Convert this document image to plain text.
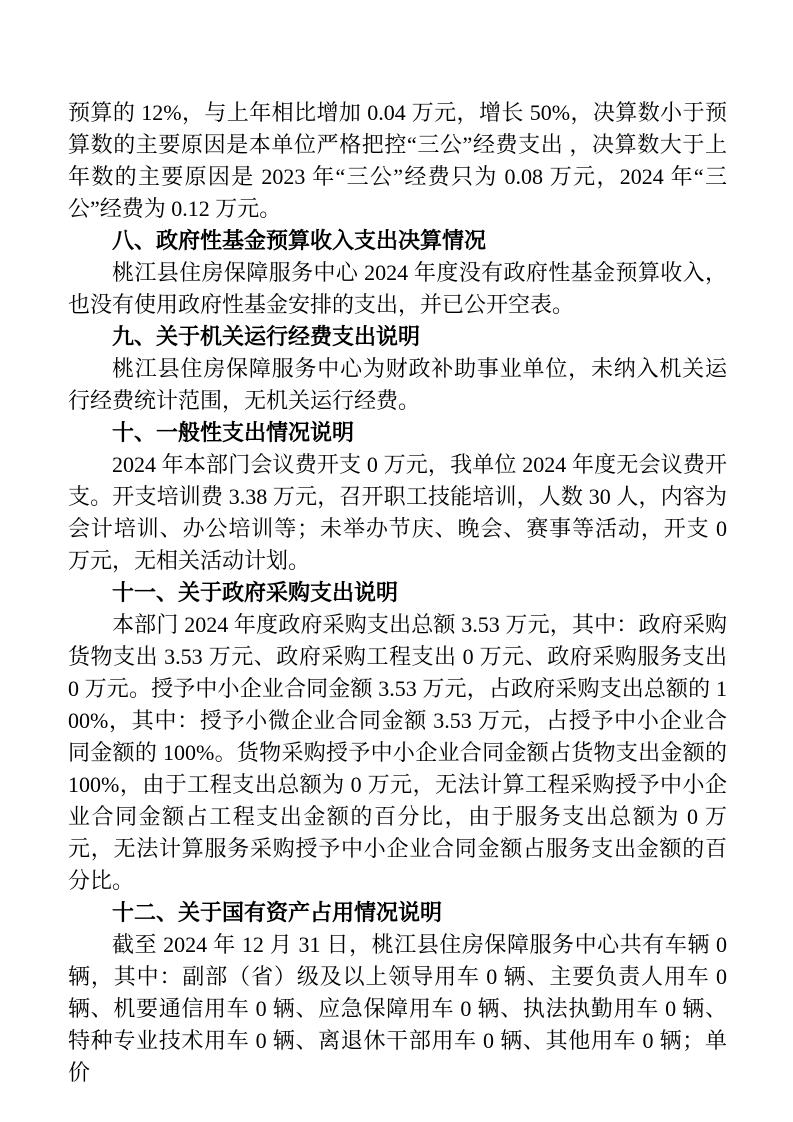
预算的 12%，与上年相比增加 0.04 万元，增长 50%，决算数小于预算数的主要原因是本单位严格把控“三公”经费支出 ，决算数大于上年数的主要原因是 2023 年“三公”经费只为 0.08 万元，2024 年“三公”经费为 0.12 万元。

八、政府性基金预算收入支出决算情况

桃江县住房保障服务中心 2024 年度没有政府性基金预算收入，也没有使用政府性基金安排的支出，并已公开空表。

九、关于机关运行经费支出说明

桃江县住房保障服务中心为财政补助事业单位，未纳入机关运行经费统计范围，无机关运行经费。

十、一般性支出情况说明

2024 年本部门会议费开支 0 万元，我单位 2024 年度无会议费开支。开支培训费 3.38 万元，召开职工技能培训，人数 30 人，内容为会计培训、办公培训等；未举办节庆、晚会、赛事等活动，开支 0 万元，无相关活动计划。

十一、关于政府采购支出说明

本部门 2024 年度政府采购支出总额 3.53 万元，其中：政府采购货物支出 3.53 万元、政府采购工程支出 0 万元、政府采购服务支出 0 万元。授予中小企业合同金额 3.53 万元，占政府采购支出总额的 100%，其中：授予小微企业合同金额 3.53 万元，占授予中小企业合同金额的 100%。货物采购授予中小企业合同金额占货物支出金额的 100%，由于工程支出总额为 0 万元，无法计算工程采购授予中小企业合同金额占工程支出金额的百分比，由于服务支出总额为 0 万元，无法计算服务采购授予中小企业合同金额占服务支出金额的百分比。

十二、关于国有资产占用情况说明

截至 2024 年 12 月 31 日，桃江县住房保障服务中心共有车辆 0 辆，其中：副部（省）级及以上领导用车 0 辆、主要负责人用车 0 辆、机要通信用车 0 辆、应急保障用车 0 辆、执法执勤用车 0 辆、特种专业技术用车 0 辆、离退休干部用车 0 辆、其他用车 0 辆；单价
